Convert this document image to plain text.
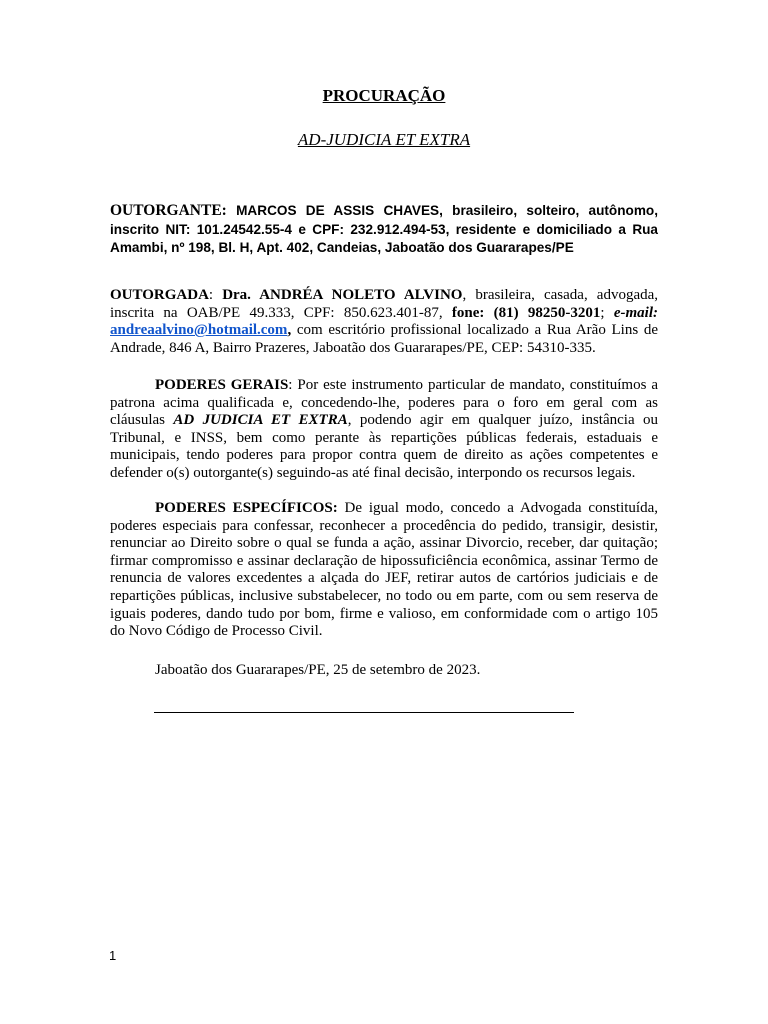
PROCURAÇÃO
AD-JUDICIA ET EXTRA

OUTORGANTE: MARCOS DE ASSIS CHAVES, brasileiro, solteiro, autônomo, inscrito NIT: 101.24542.55-4 e CPF: 232.912.494-53, residente e domiciliado a Rua Amambi, nº 198, Bl. H, Apt. 402, Candeias, Jaboatão dos Guararapes/PE

OUTORGADA: Dra. ANDRÉA NOLETO ALVINO, brasileira, casada, advogada, inscrita na OAB/PE 49.333, CPF: 850.623.401-87, fone: (81) 98250-3201; e-mail: andreaalvino@hotmail.com, com escritório profissional localizado a Rua Arão Lins de Andrade, 846 A, Bairro Prazeres, Jaboatão dos Guararapes/PE, CEP: 54310-335.

PODERES GERAIS: Por este instrumento particular de mandato, constituímos a patrona acima qualificada e, concedendo-lhe, poderes para o foro em geral com as cláusulas AD JUDICIA ET EXTRA, podendo agir em qualquer juízo, instância ou Tribunal, e INSS, bem como perante às repartições públicas federais, estaduais e municipais, tendo poderes para propor contra quem de direito as ações competentes e defender o(s) outorgante(s) seguindo-as até final decisão, interpondo os recursos legais.

PODERES ESPECÍFICOS: De igual modo, concedo a Advogada constituída, poderes especiais para confessar, reconhecer a procedência do pedido, transigir, desistir, renunciar ao Direito sobre o qual se funda a ação, assinar Divorcio, receber, dar quitação; firmar compromisso e assinar declaração de hipossuficiência econômica, assinar Termo de renuncia de valores excedentes a alçada do JEF, retirar autos de cartórios judiciais e de repartições públicas, inclusive substabelecer, no todo ou em parte, com ou sem reserva de iguais poderes, dando tudo por bom, firme e valioso, em conformidade com o artigo 105 do Novo Código de Processo Civil.

Jaboatão dos Guararapes/PE, 25 de setembro de 2023.

1
